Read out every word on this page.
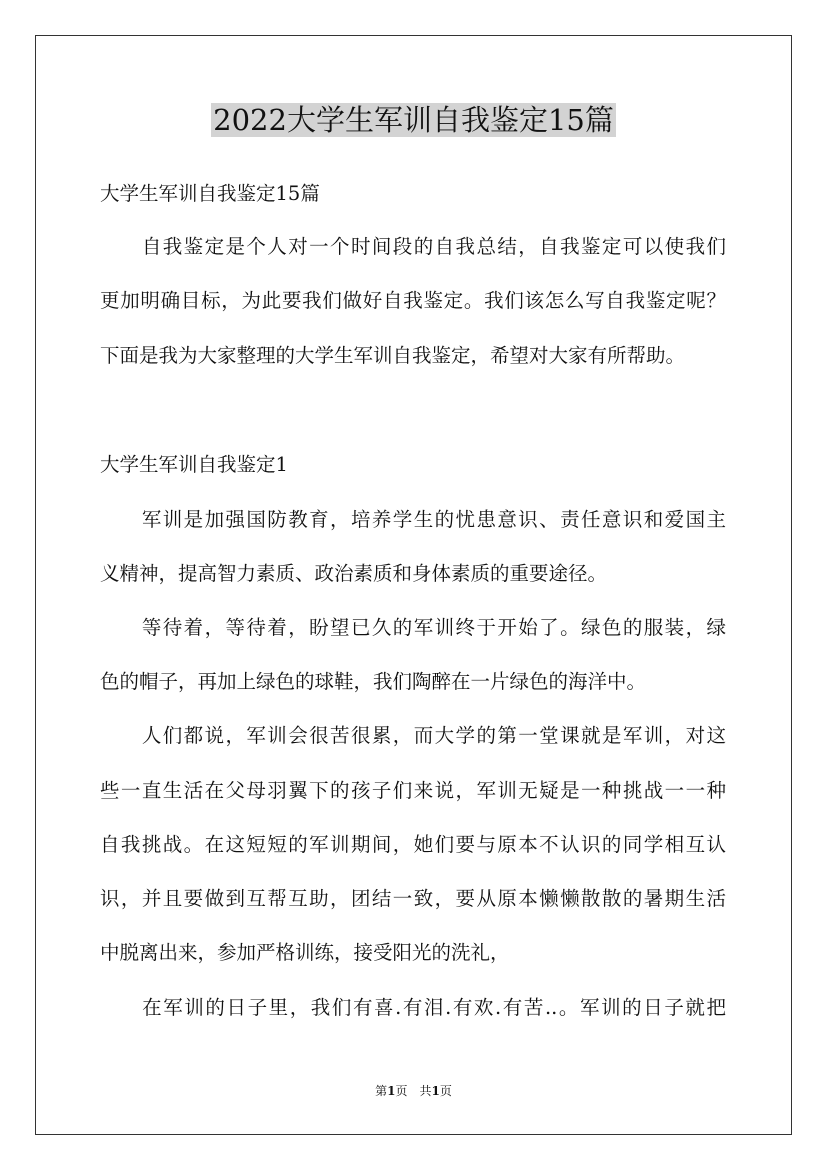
2022大学生军训自我鉴定15篇
大学生军训自我鉴定15篇
　　自我鉴定是个人对一个时间段的自我总结，自我鉴定可以使我们
更加明确目标，为此要我们做好自我鉴定。我们该怎么写自我鉴定呢？
下面是我为大家整理的大学生军训自我鉴定，希望对大家有所帮助。
大学生军训自我鉴定1
　　军训是加强国防教育，培养学生的忧患意识、责任意识和爱国主
义精神，提高智力素质、政治素质和身体素质的重要途径。
　　等待着，等待着，盼望已久的军训终于开始了。绿色的服装，绿
色的帽子，再加上绿色的球鞋，我们陶醉在一片绿色的海洋中。
　　人们都说，军训会很苦很累，而大学的第一堂课就是军训，对这
些一直生活在父母羽翼下的孩子们来说，军训无疑是一种挑战一一种
自我挑战。在这短短的军训期间，她们要与原本不认识的同学相互认
识，并且要做到互帮互助，团结一致，要从原本懒懒散散的暑期生活
中脱离出来，参加严格训练，接受阳光的洗礼，
　　在军训的日子里，我们有喜.有泪.有欢.有苦..。军训的日子就把
第1页　共1页
